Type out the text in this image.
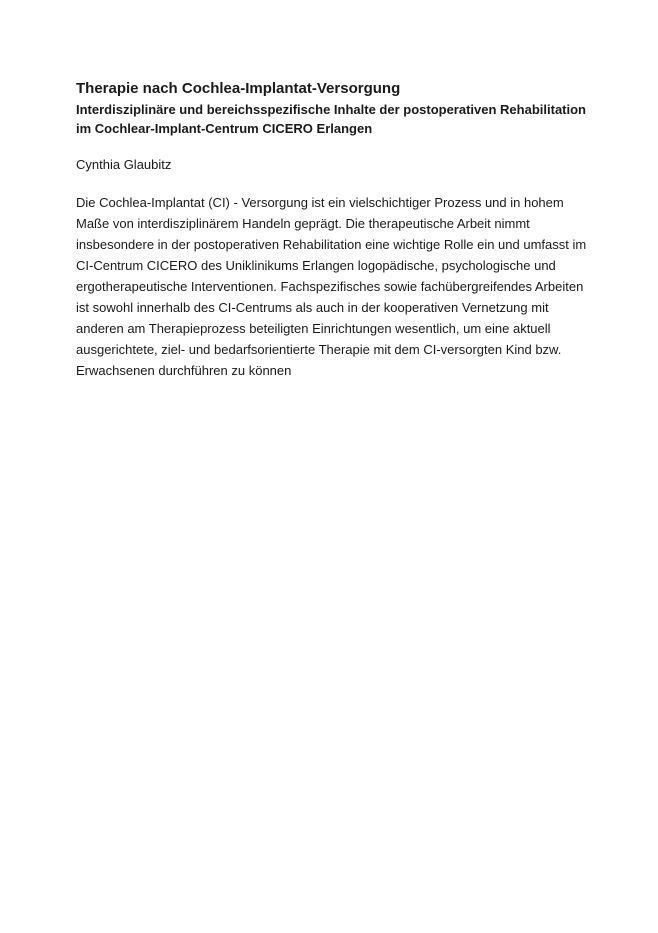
Therapie nach Cochlea-Implantat-Versorgung
Interdisziplinäre und bereichsspezifische Inhalte der postoperativen Rehabilitation im Cochlear-Implant-Centrum CICERO Erlangen

Cynthia Glaubitz

Die Cochlea-Implantat (CI) - Versorgung ist ein vielschichtiger Prozess und in hohem Maße von interdisziplinärem Handeln geprägt. Die therapeutische Arbeit nimmt insbesondere in der postoperativen Rehabilitation eine wichtige Rolle ein und umfasst im CI-Centrum CICERO des Uniklinikums Erlangen logopädische, psychologische und ergotherapeutische Interventionen. Fachspezifisches sowie fachübergreifendes Arbeiten ist sowohl innerhalb des CI-Centrums als auch in der kooperativen Vernetzung mit anderen am Therapieprozess beteiligten Einrichtungen wesentlich, um eine aktuell ausgerichtete, ziel- und bedarfsorientierte Therapie mit dem CI-versorgten Kind bzw. Erwachsenen durchführen zu können
